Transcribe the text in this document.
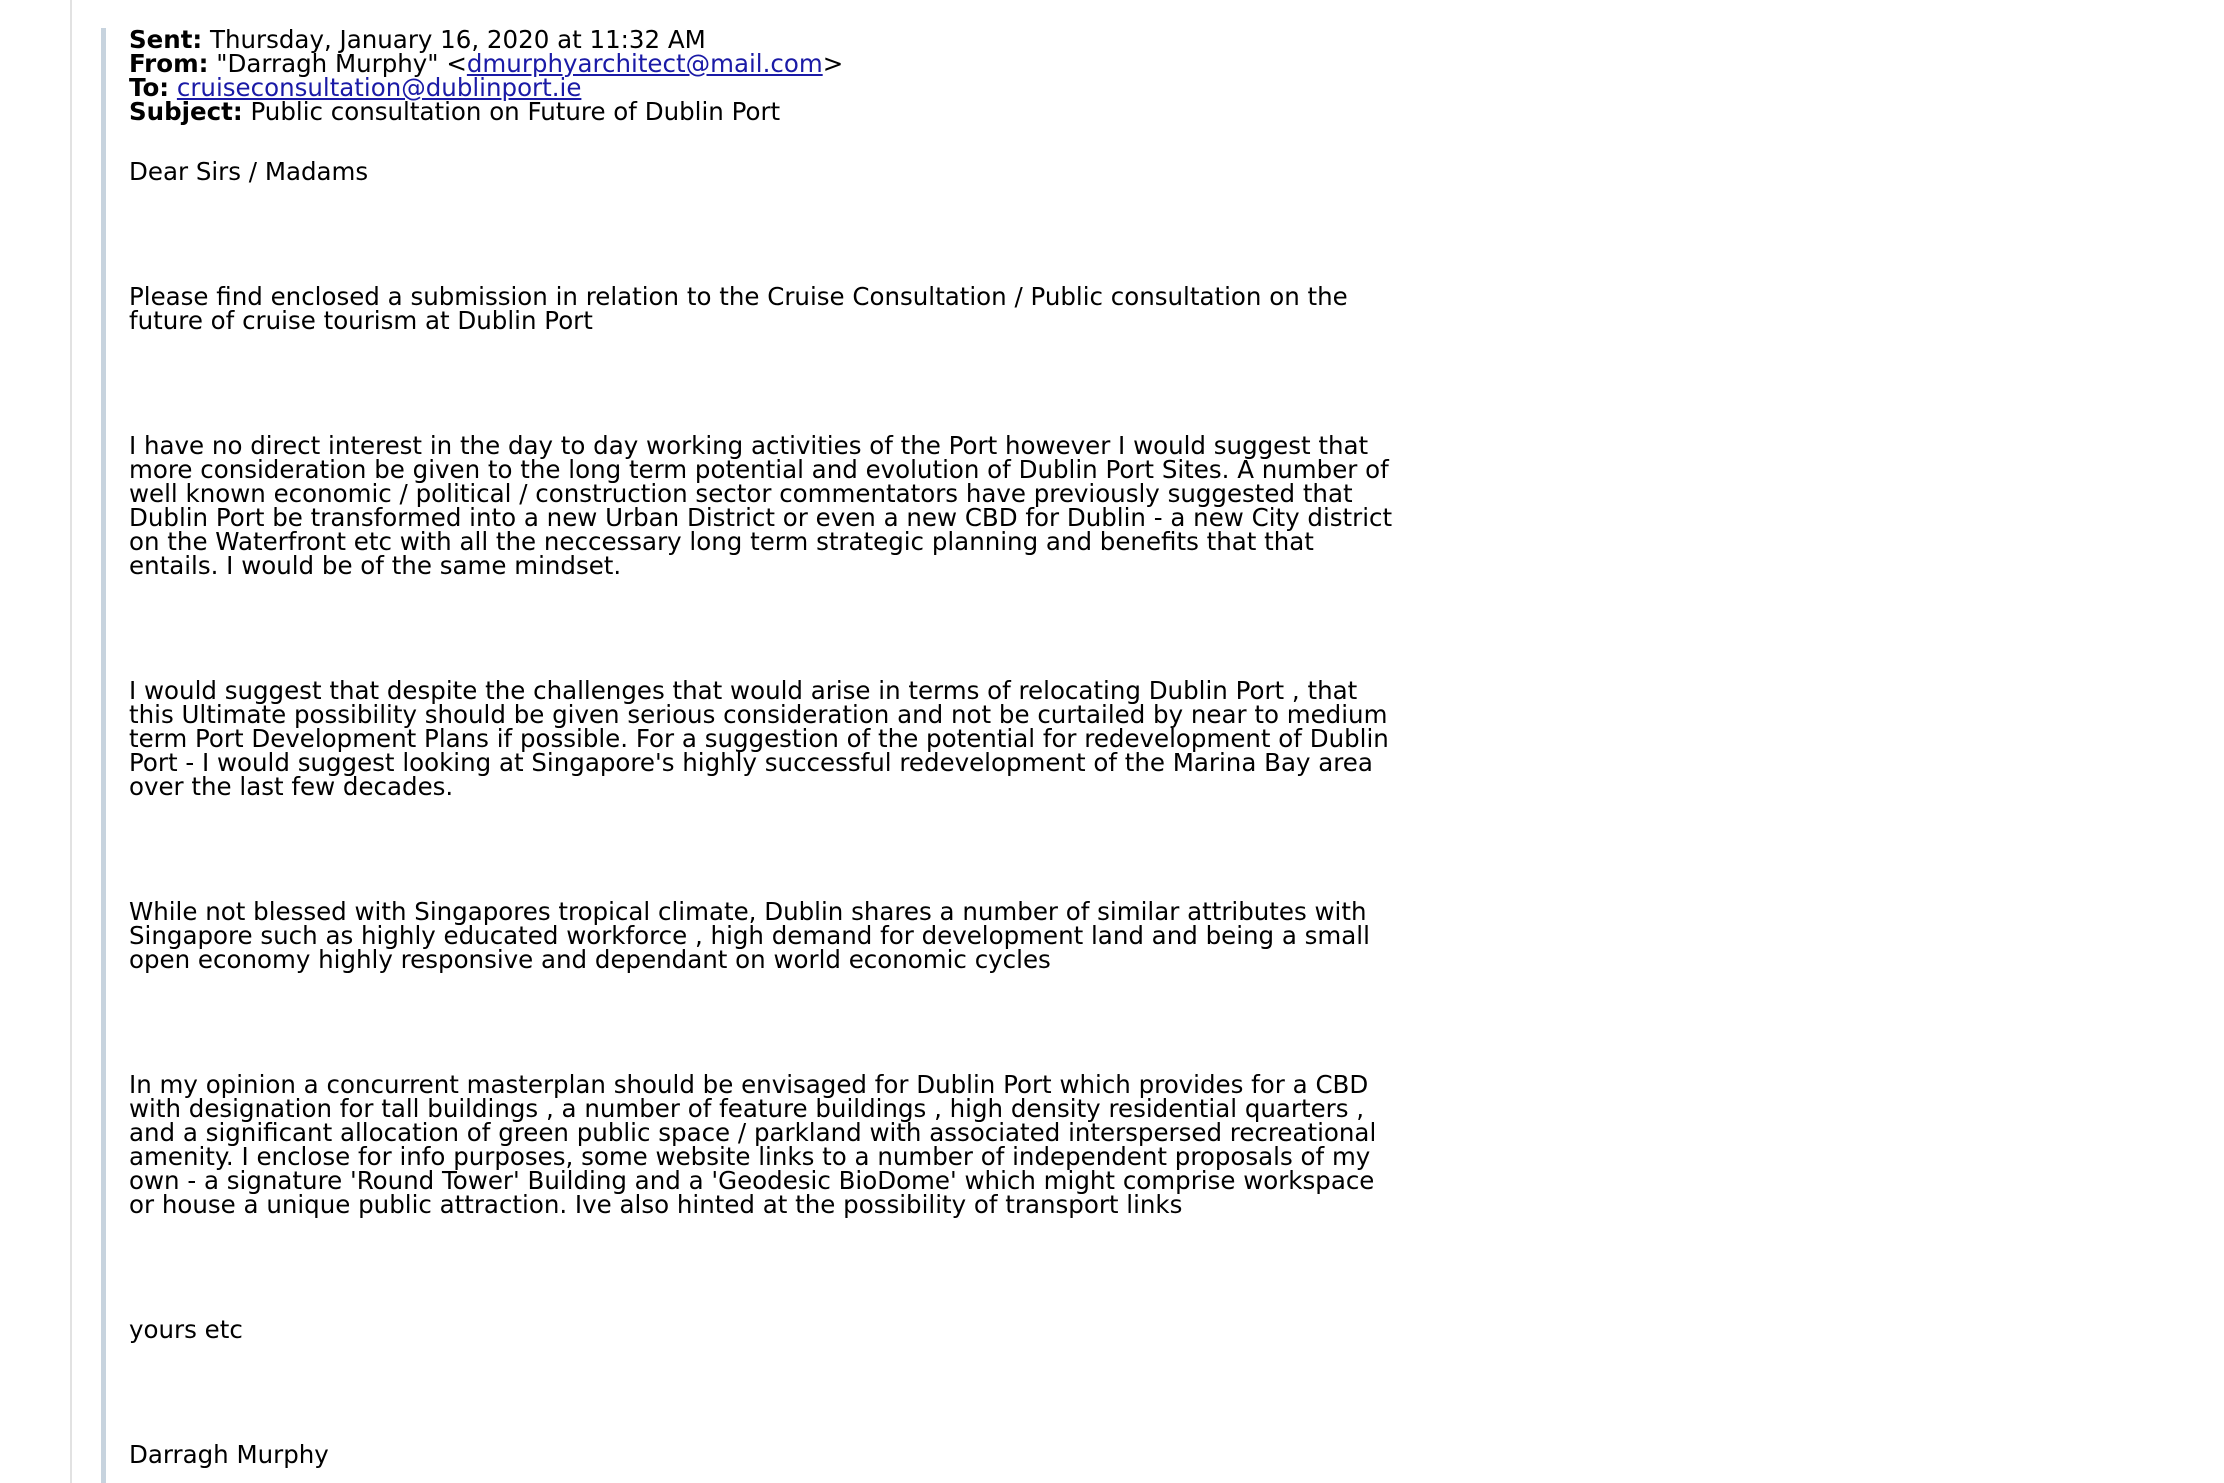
Sent: Thursday, January 16, 2020 at 11:32 AM
From: "Darragh Murphy" <dmurphyarchitect@mail.com>
To: cruiseconsultation@dublinport.ie
Subject: Public consultation on Future of Dublin Port

Dear Sirs / Madams

Please find enclosed a submission in relation to the Cruise Consultation / Public consultation on the future of cruise tourism at Dublin Port

I have no direct interest in the day to day working activities of the Port however I would suggest that more consideration be given to the long term potential and evolution of Dublin Port Sites. A number of well known economic / political / construction sector commentators have previously suggested that Dublin Port be transformed into a new Urban District or even a new CBD for Dublin - a new City district on the Waterfront etc with all the neccessary long term strategic planning and benefits that that entails. I would be of the same mindset.

I would suggest that despite the challenges that would arise in terms of relocating Dublin Port , that this Ultimate possibility should be given serious consideration and not be curtailed by near to medium term Port Development Plans if possible. For a suggestion of the potential for redevelopment of Dublin Port - I would suggest looking at Singapore's highly successful redevelopment of the Marina Bay area over the last few decades.

While not blessed with Singapores tropical climate, Dublin shares a number of similar attributes with Singapore such as highly educated workforce , high demand for development land and being a small open economy highly responsive and dependant on world economic cycles

In my opinion a concurrent masterplan should be envisaged for Dublin Port which provides for a CBD with designation for tall buildings , a number of feature buildings , high density residential quarters , and a significant allocation of green public space / parkland with associated interspersed recreational amenity. I enclose for info purposes, some website links to a number of independent proposals of my own - a signature 'Round Tower' Building and a 'Geodesic BioDome' which might comprise workspace or house a unique public attraction. Ive also hinted at the possibility of transport links

yours etc

Darragh Murphy
